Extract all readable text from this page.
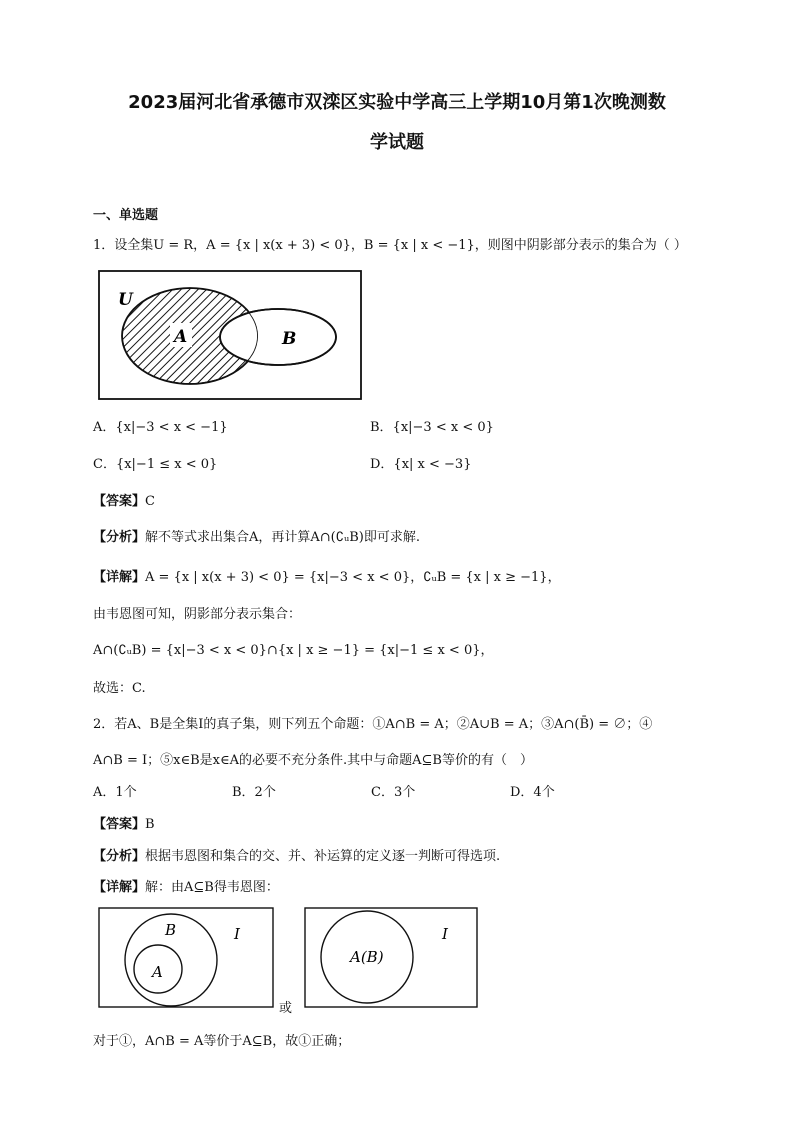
2023届河北省承德市双滦区实验中学高三上学期10月第1次晚测数
学试题
一、单选题
1．设全集U = R，A = {x | x(x + 3) < 0}，B = {x | x < −1}，则图中阴影部分表示的集合为（ ）
U
A	B
A．{x|−3 < x < −1}	B．{x|−3 < x < 0}
C．{x|−1 ≤ x < 0}	D．{x| x < −3}
【答案】C
【分析】解不等式求出集合A，再计算A∩(∁ᵤB)即可求解.
【详解】A = {x | x(x + 3) < 0} = {x|−3 < x < 0}，∁ᵤB = {x | x ≥ −1}，
由韦恩图可知，阴影部分表示集合：
A∩(∁ᵤB) = {x|−3 < x < 0}∩{x | x ≥ −1} = {x|−1 ≤ x < 0}，
故选：C.
2．若A、B是全集I的真子集，则下列五个命题：①A∩B = A；②A∪B = A；③A∩(B̄) = ∅；④
A∩B = I；⑤x∈B是x∈A的必要不充分条件.其中与命题A⊆B等价的有（　）
A．1个	B．2个	C．3个	D．4个
【答案】B
【分析】根据韦恩图和集合的交、并、补运算的定义逐一判断可得选项.
【详解】解：由A⊆B得韦恩图：
B
A
I
或
A(B)
I
对于①，A∩B = A等价于A⊆B，故①正确；
